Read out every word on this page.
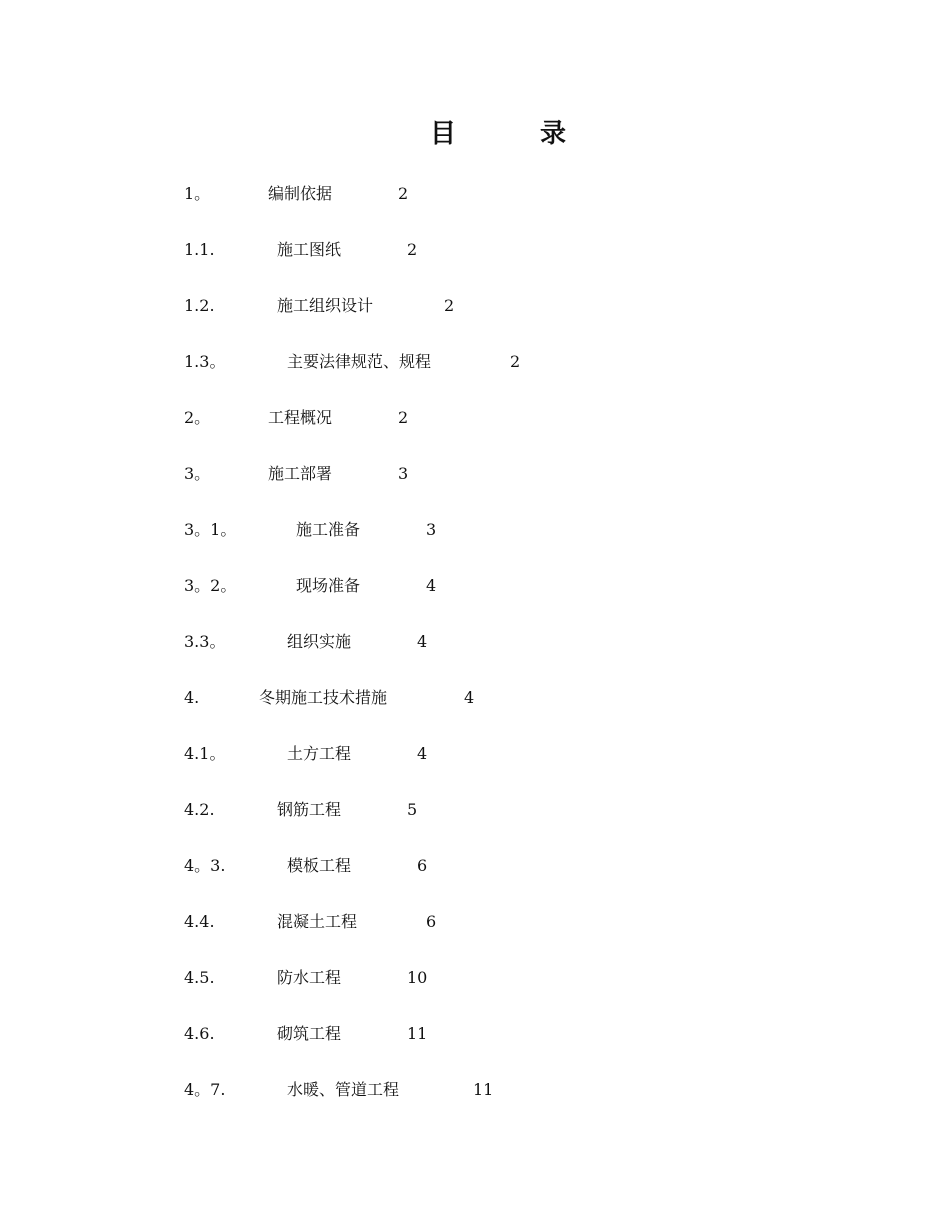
目	录
1。	编制依据	2
1.1.	施工图纸	2
1.2.	施工组织设计	2
1.3。	主要法律规范、规程	2
2。	工程概况	2
3。	施工部署	3
3。1。	施工准备	3
3。2。	现场准备	4
3.3。	组织实施	4
4.	冬期施工技术措施	4
4.1。	土方工程	4
4.2.	钢筋工程	5
4。3.	模板工程	6
4.4.	混凝土工程	6
4.5.	防水工程	10
4.6.	砌筑工程	11
4。7.	水暖、管道工程	11
